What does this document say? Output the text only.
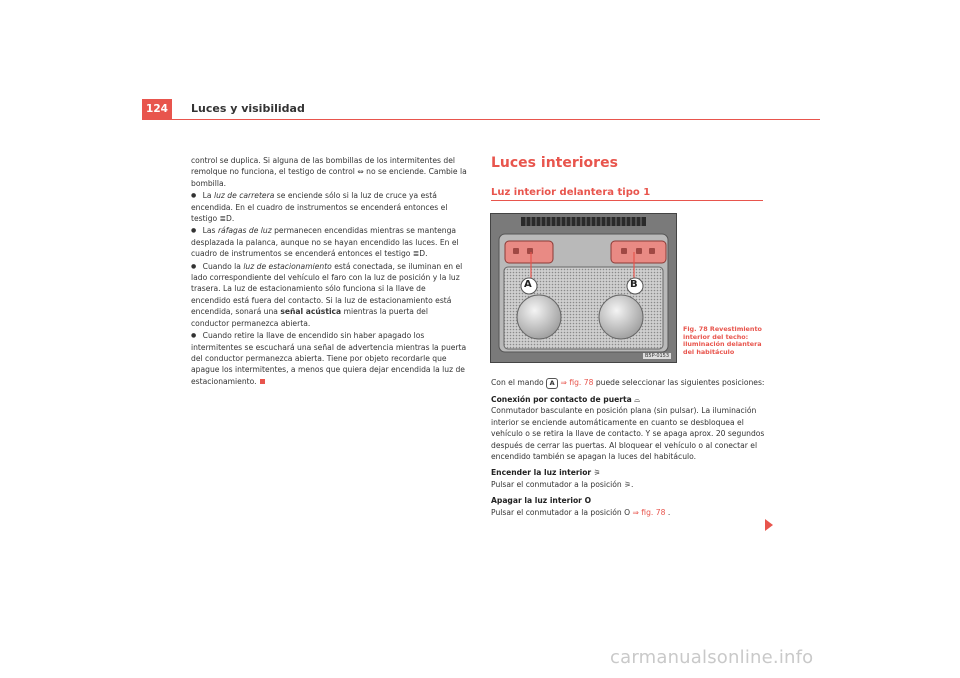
124	Luces y visibilidad

control se duplica. Si alguna de las bombillas de los intermitentes del remolque no funciona, el testigo de control ⇔ no se enciende. Cambie la bombilla.

● La luz de carretera se enciende sólo si la luz de cruce ya está encendida. En el cuadro de instrumentos se encenderá entonces el testigo ≣D.

● Las ráfagas de luz permanecen encendidas mientras se mantenga desplazada la palanca, aunque no se hayan encendido las luces. En el cuadro de instrumentos se encenderá entonces el testigo ≣D.

● Cuando la luz de estacionamiento está conectada, se iluminan en el lado correspondiente del vehículo el faro con la luz de posición y la luz trasera. La luz de estacionamiento sólo funciona si la llave de encendido está fuera del contacto. Si la luz de estacionamiento está encendida, sonará una señal acústica mientras la puerta del conductor permanezca abierta.

● Cuando retire la llave de encendido sin haber apagado los intermitentes se escuchará una señal de advertencia mientras la puerta del conductor permanezca abierta. Tiene por objeto recordarle que apague los intermitentes, a menos que quiera dejar encendida la luz de estacionamiento.

Luces interiores
Luz interior delantera tipo 1
A	B
B5P-0153
Fig. 78 Revestimiento interior del techo: iluminación delantera del habitáculo

Con el mando A ⇒ fig. 78 puede seleccionar las siguientes posiciones:

Conexión por contacto de puerta ⌓
Conmutador basculante en posición plana (sin pulsar). La iluminación interior se enciende automáticamente en cuanto se desbloquea el vehículo o se retira la llave de contacto. Y se apaga aprox. 20 segundos después de cerrar las puertas. Al bloquear el vehículo o al conectar el encendido también se apagan la luces del habitáculo.

Encender la luz interior ⚞
Pulsar el conmutador a la posición ⚞.

Apagar la luz interior O
Pulsar el conmutador a la posición O ⇒ fig. 78 .

carmanualsonline.info
